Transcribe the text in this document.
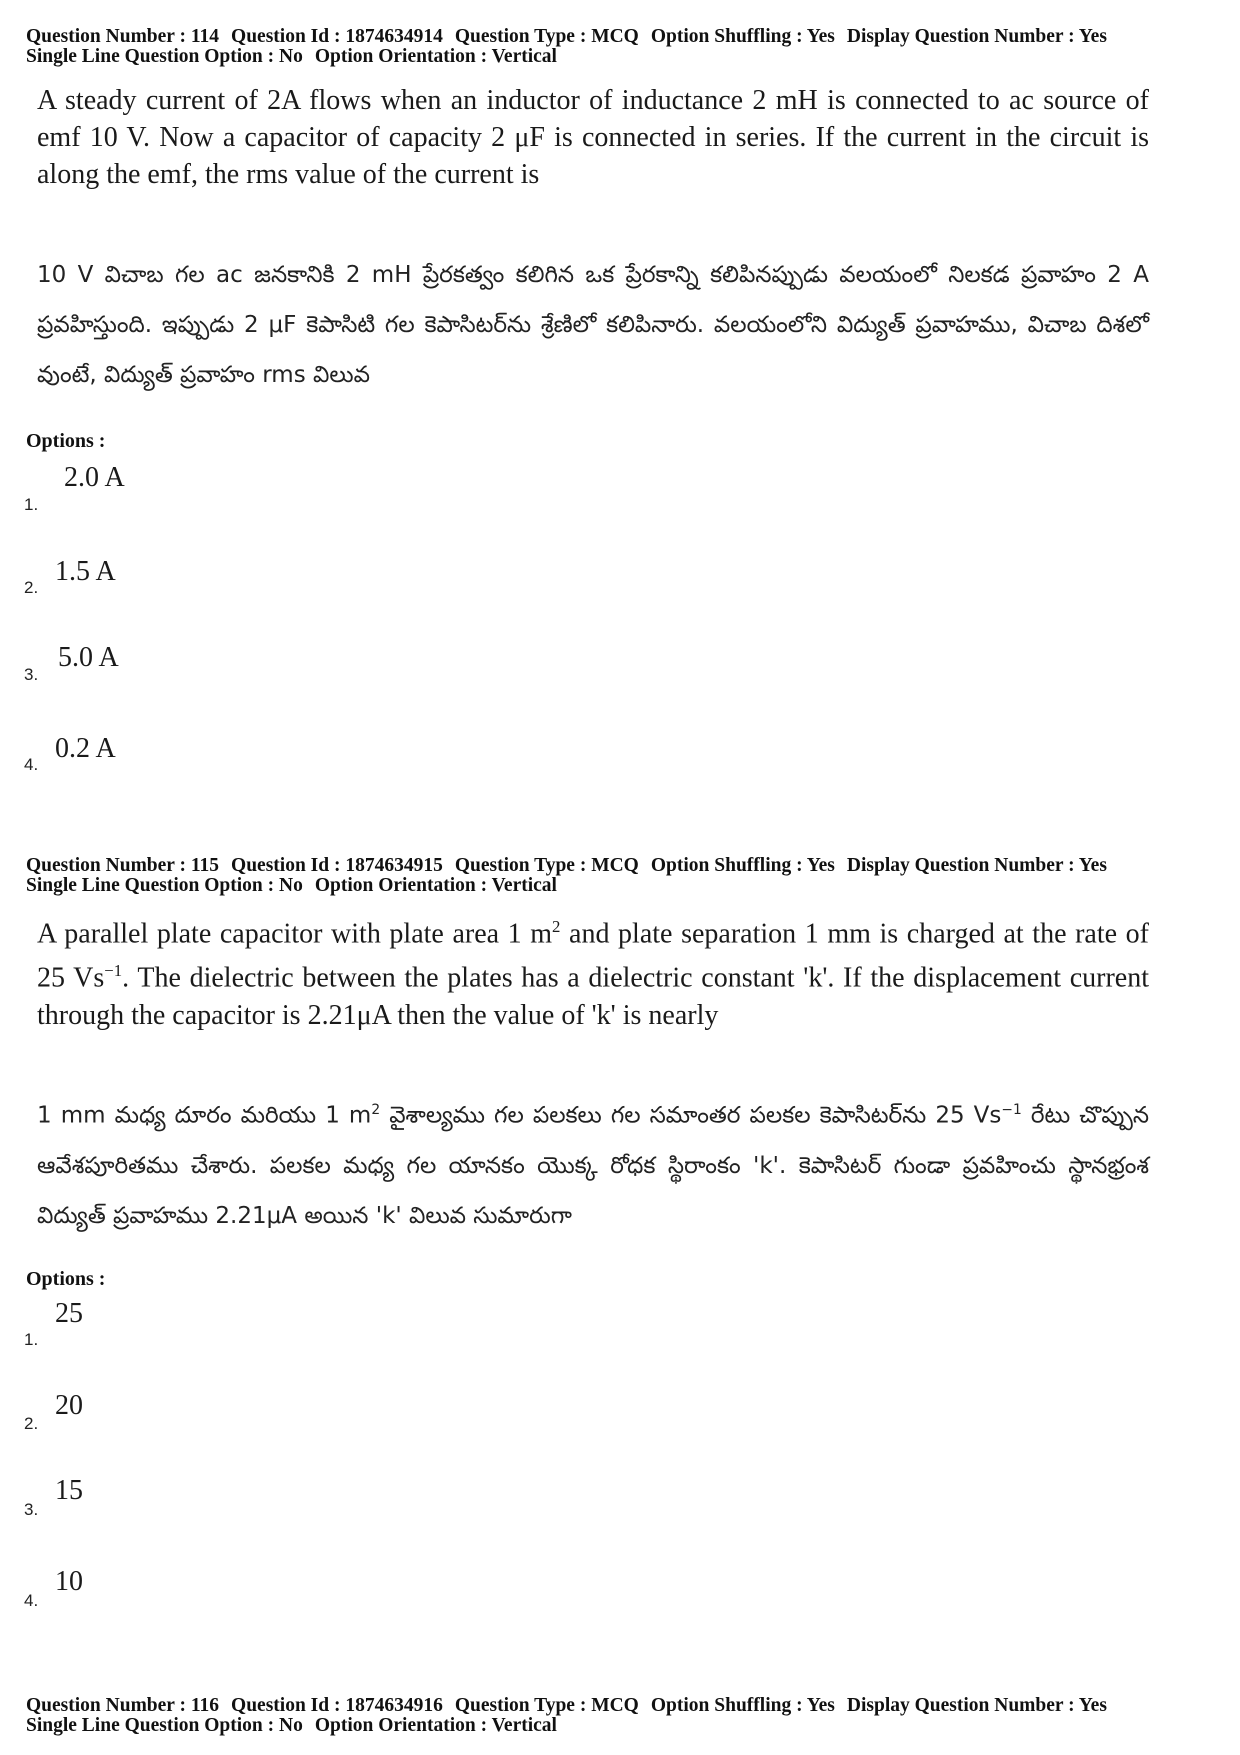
Question Number : 114 Question Id : 1874634914 Question Type : MCQ Option Shuffling : Yes Display Question Number : Yes
Single Line Question Option : No Option Orientation : Vertical
A steady current of 2A flows when an inductor of inductance 2 mH is connected to ac source of emf 10 V. Now a capacitor of capacity 2 μF is connected in series. If the current in the circuit is along the emf, the rms value of the current is
10 V విచాబ గల ac జనకానికి 2 mH ప్రేరకత్వం కలిగిన ఒక ప్రేరకాన్ని కలిపినప్పుడు వలయంలో నిలకడ ప్రవాహం 2 A ప్రవహిస్తుంది. ఇప్పుడు 2 μF కెపాసిటి గల కెపాసిటర్‌ను శ్రేణిలో కలిపినారు. వలయంలోని విద్యుత్ ప్రవాహము, విచాబ దిశలో వుంటే, విద్యుత్ ప్రవాహం rms విలువ
Options :
1.
2.0 A
2.
1.5 A
3.
5.0 A
4.
0.2 A
Question Number : 115 Question Id : 1874634915 Question Type : MCQ Option Shuffling : Yes Display Question Number : Yes
Single Line Question Option : No Option Orientation : Vertical
A parallel plate capacitor with plate area 1 $m^2$ and plate separation 1 mm is charged at the rate of 25 $Vs^{-1}$. The dielectric between the plates has a dielectric constant 'k'. If the displacement current through the capacitor is 2.21μA then the value of 'k' is nearly
1 mm మధ్య దూరం మరియు 1 $m^2$ వైశాల్యము గల పలకలు గల సమాంతర పలకల కెపాసిటర్‌ను 25 $Vs^{-1}$ రేటు చొప్పున ఆవేశపూరితము చేశారు. పలకల మధ్య గల యానకం యొక్క రోధక స్థిరాంకం 'k'. కెపాసిటర్ గుండా ప్రవహించు స్థానభ్రంశ విద్యుత్ ప్రవాహము 2.21μA అయిన 'k' విలువ సుమారుగా
Options :
1.
25
2.
20
3.
15
4.
10
Question Number : 116 Question Id : 1874634916 Question Type : MCQ Option Shuffling : Yes Display Question Number : Yes
Single Line Question Option : No Option Orientation : Vertical
